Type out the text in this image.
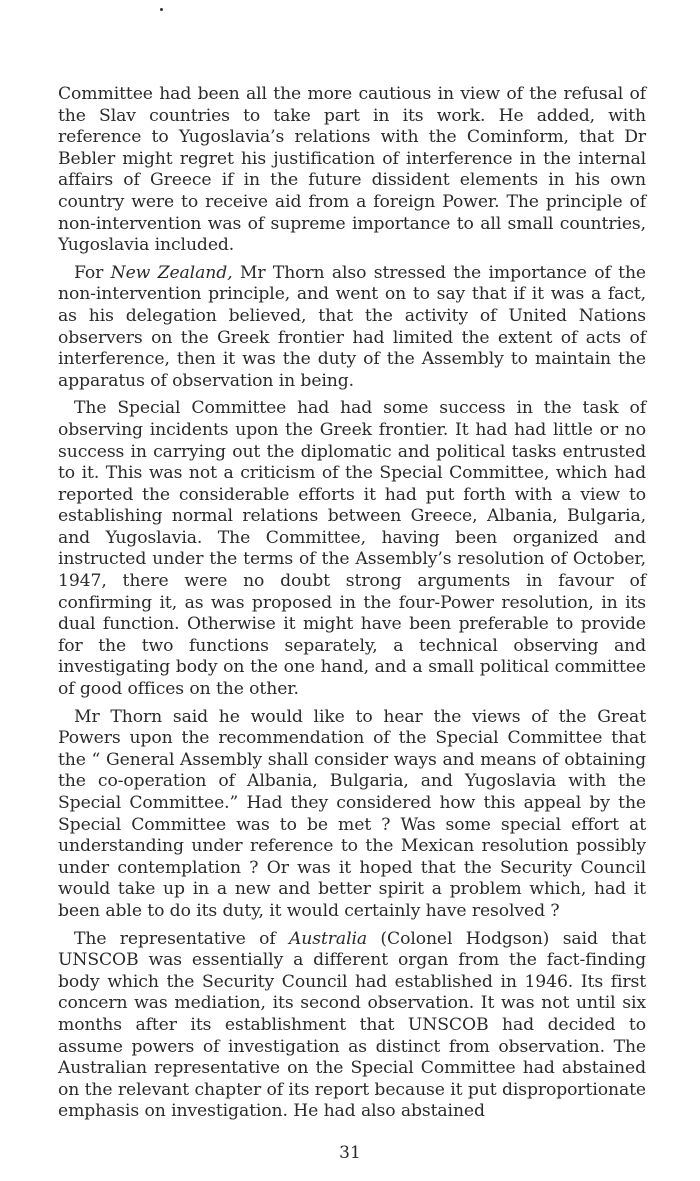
Committee had been all the more cautious in view of the refusal of the Slav countries to take part in its work. He added, with reference to Yugoslavia’s relations with the Cominform, that Dr Bebler might regret his justification of interference in the internal affairs of Greece if in the future dissident elements in his own country were to receive aid from a foreign Power. The principle of non-intervention was of supreme importance to all small countries, Yugoslavia included.

For New Zealand, Mr Thorn also stressed the importance of the non-intervention principle, and went on to say that if it was a fact, as his delegation believed, that the activity of United Nations observers on the Greek frontier had limited the extent of acts of interference, then it was the duty of the Assembly to maintain the apparatus of observation in being.

The Special Committee had had some success in the task of observing incidents upon the Greek frontier. It had had little or no success in carrying out the diplomatic and political tasks entrusted to it. This was not a criticism of the Special Committee, which had reported the considerable efforts it had put forth with a view to establishing normal relations between Greece, Albania, Bulgaria, and Yugoslavia. The Committee, having been organized and instructed under the terms of the Assembly’s resolution of October, 1947, there were no doubt strong arguments in favour of confirming it, as was proposed in the four-Power resolution, in its dual function. Otherwise it might have been preferable to provide for the two functions separately, a technical observing and investigating body on the one hand, and a small political committee of good offices on the other.

Mr Thorn said he would like to hear the views of the Great Powers upon the recommendation of the Special Committee that the “ General Assembly shall consider ways and means of obtaining the co-operation of Albania, Bulgaria, and Yugoslavia with the Special Committee.” Had they considered how this appeal by the Special Committee was to be met ? Was some special effort at understanding under reference to the Mexican resolution possibly under contemplation ? Or was it hoped that the Security Council would take up in a new and better spirit a problem which, had it been able to do its duty, it would certainly have resolved ?

The representative of Australia (Colonel Hodgson) said that UNSCOB was essentially a different organ from the fact-finding body which the Security Council had established in 1946. Its first concern was mediation, its second observation. It was not until six months after its establishment that UNSCOB had decided to assume powers of investigation as distinct from observation. The Australian representative on the Special Committee had abstained on the relevant chapter of its report because it put disproportionate emphasis on investigation. He had also abstained

31
